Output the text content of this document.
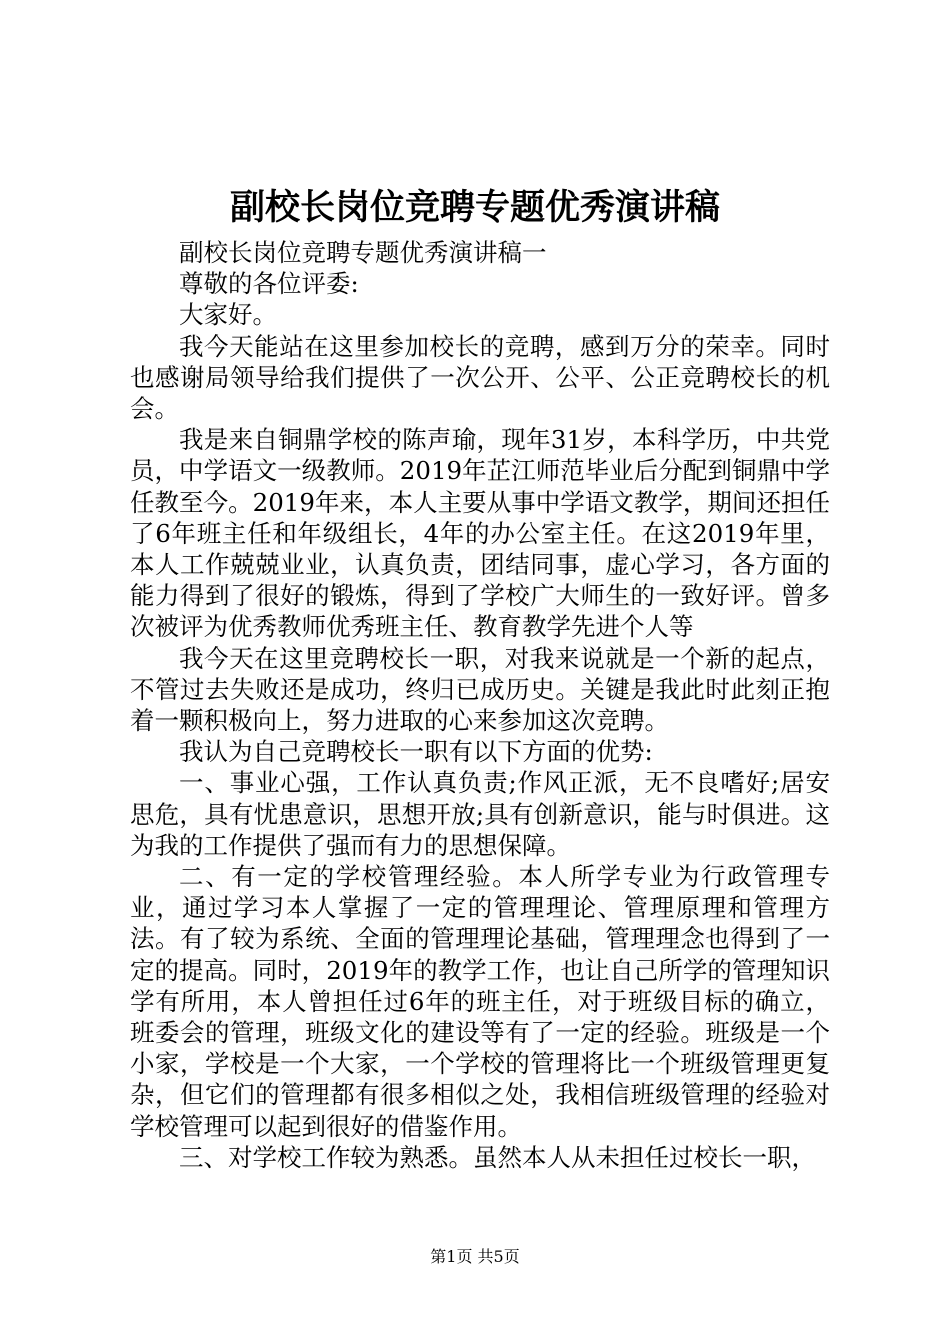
副校长岗位竞聘专题优秀演讲稿

副校长岗位竞聘专题优秀演讲稿一

尊敬的各位评委:

大家好。

我今天能站在这里参加校长的竞聘，感到万分的荣幸。同时也感谢局领导给我们提供了一次公开、公平、公正竞聘校长的机会。

我是来自铜鼎学校的陈声瑜，现年31岁，本科学历，中共党员，中学语文一级教师。2019年芷江师范毕业后分配到铜鼎中学任教至今。2019年来，本人主要从事中学语文教学，期间还担任了6年班主任和年级组长，4年的办公室主任。在这2019年里，本人工作兢兢业业，认真负责，团结同事，虚心学习，各方面的能力得到了很好的锻炼，得到了学校广大师生的一致好评。曾多次被评为优秀教师优秀班主任、教育教学先进个人等

我今天在这里竞聘校长一职，对我来说就是一个新的起点，不管过去失败还是成功，终归已成历史。关键是我此时此刻正抱着一颗积极向上，努力进取的心来参加这次竞聘。

我认为自己竞聘校长一职有以下方面的优势:

一、事业心强，工作认真负责;作风正派，无不良嗜好;居安思危，具有忧患意识，思想开放;具有创新意识，能与时俱进。这为我的工作提供了强而有力的思想保障。

二、有一定的学校管理经验。本人所学专业为行政管理专业，通过学习本人掌握了一定的管理理论、管理原理和管理方法。有了较为系统、全面的管理理论基础，管理理念也得到了一定的提高。同时，2019年的教学工作，也让自己所学的管理知识学有所用，本人曾担任过6年的班主任，对于班级目标的确立，班委会的管理，班级文化的建设等有了一定的经验。班级是一个小家，学校是一个大家，一个学校的管理将比一个班级管理更复杂，但它们的管理都有很多相似之处，我相信班级管理的经验对学校管理可以起到很好的借鉴作用。

三、对学校工作较为熟悉。虽然本人从未担任过校长一职，

第1页 共5页
